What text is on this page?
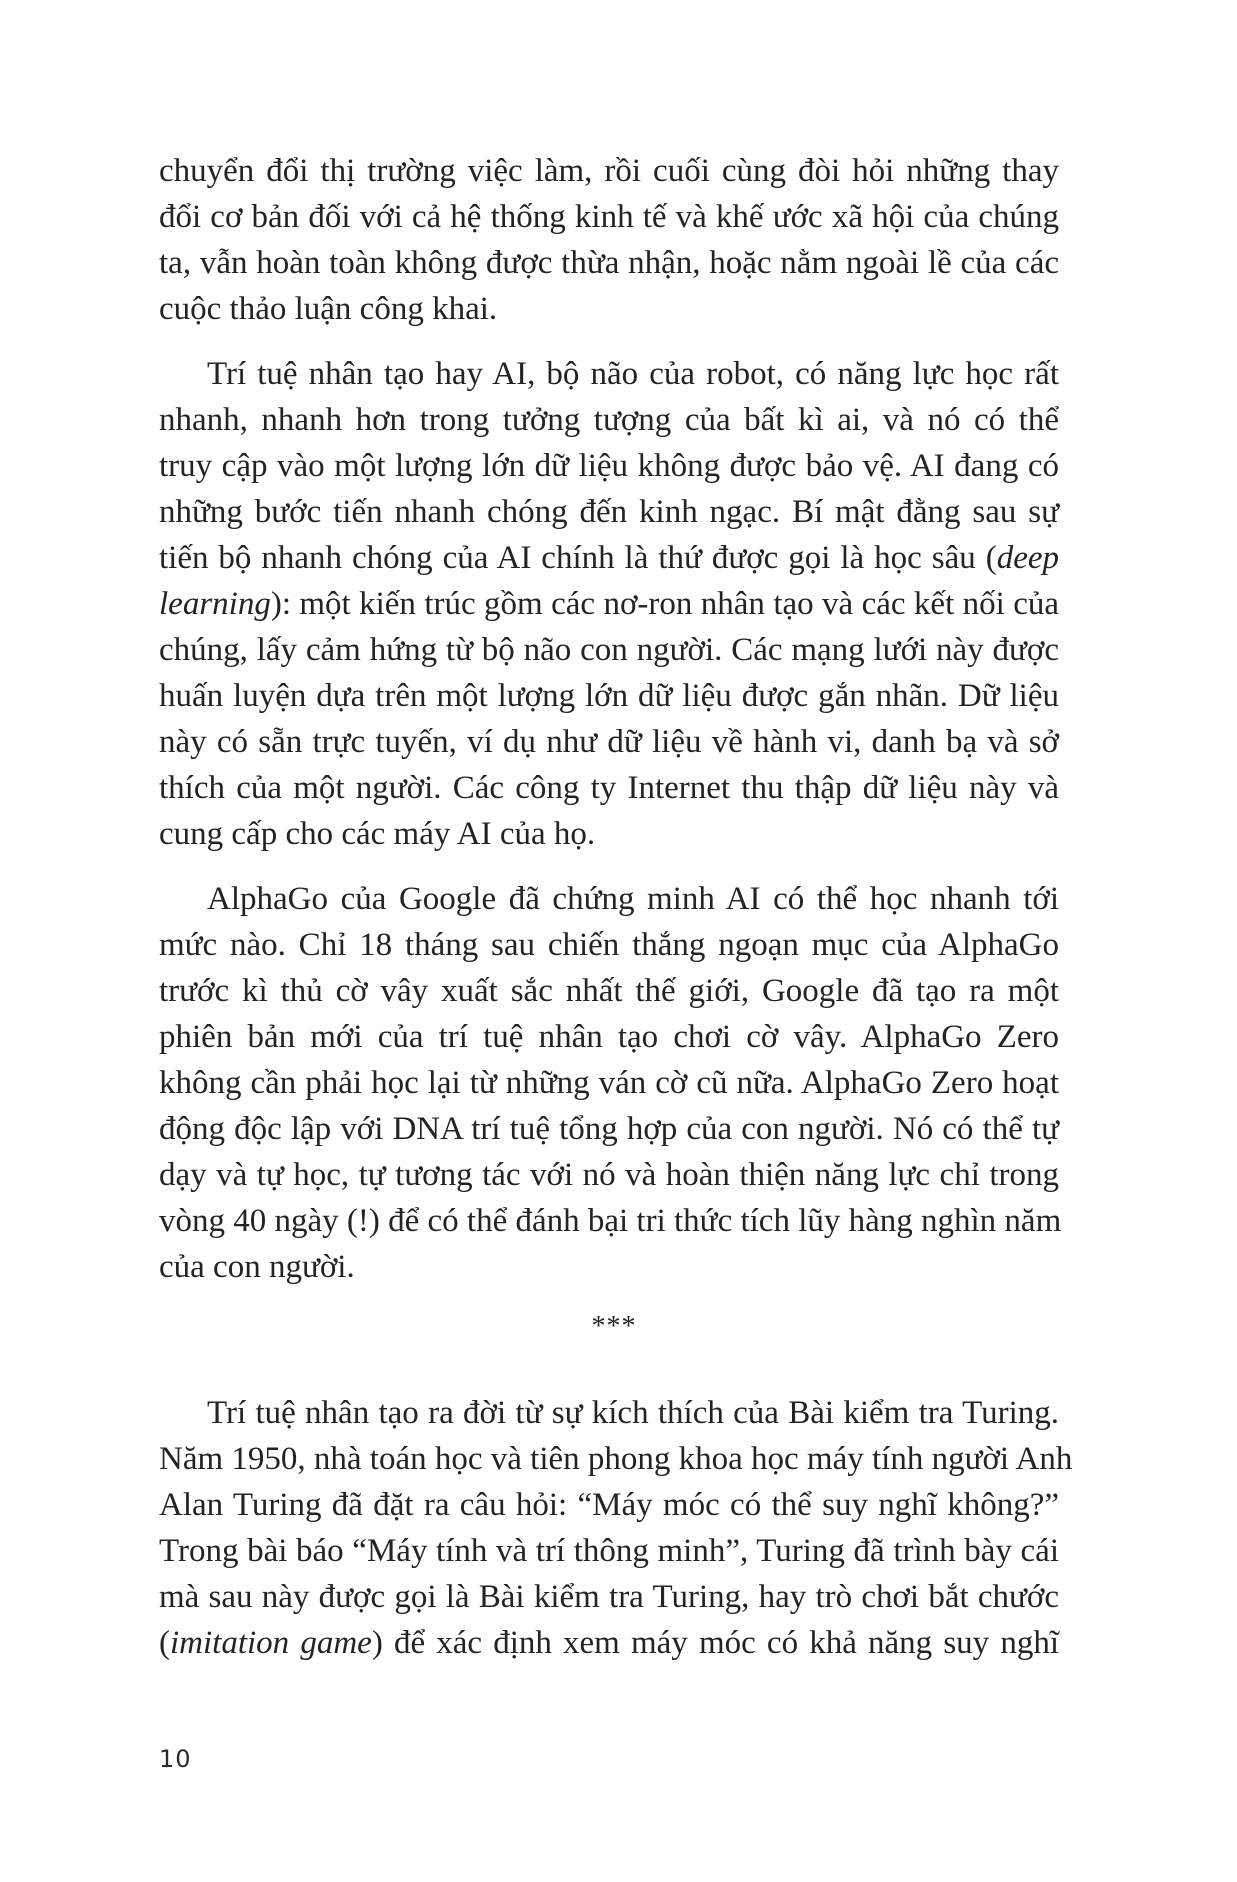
chuyển đổi thị trường việc làm, rồi cuối cùng đòi hỏi những thay
đổi cơ bản đối với cả hệ thống kinh tế và khế ước xã hội của chúng
ta, vẫn hoàn toàn không được thừa nhận, hoặc nằm ngoài lề của các
cuộc thảo luận công khai.
Trí tuệ nhân tạo hay AI, bộ não của robot, có năng lực học rất
nhanh, nhanh hơn trong tưởng tượng của bất kì ai, và nó có thể
truy cập vào một lượng lớn dữ liệu không được bảo vệ. AI đang có
những bước tiến nhanh chóng đến kinh ngạc. Bí mật đằng sau sự
tiến bộ nhanh chóng của AI chính là thứ được gọi là học sâu (deep
learning): một kiến trúc gồm các nơ-ron nhân tạo và các kết nối của
chúng, lấy cảm hứng từ bộ não con người. Các mạng lưới này được
huấn luyện dựa trên một lượng lớn dữ liệu được gắn nhãn. Dữ liệu
này có sẵn trực tuyến, ví dụ như dữ liệu về hành vi, danh bạ và sở
thích của một người. Các công ty Internet thu thập dữ liệu này và
cung cấp cho các máy AI của họ.
AlphaGo của Google đã chứng minh AI có thể học nhanh tới
mức nào. Chỉ 18 tháng sau chiến thắng ngoạn mục của AlphaGo
trước kì thủ cờ vây xuất sắc nhất thế giới, Google đã tạo ra một
phiên bản mới của trí tuệ nhân tạo chơi cờ vây. AlphaGo Zero
không cần phải học lại từ những ván cờ cũ nữa. AlphaGo Zero hoạt
động độc lập với DNA trí tuệ tổng hợp của con người. Nó có thể tự
dạy và tự học, tự tương tác với nó và hoàn thiện năng lực chỉ trong
vòng 40 ngày (!) để có thể đánh bại tri thức tích lũy hàng nghìn năm
của con người.
***
Trí tuệ nhân tạo ra đời từ sự kích thích của Bài kiểm tra Turing.
Năm 1950, nhà toán học và tiên phong khoa học máy tính người Anh
Alan Turing đã đặt ra câu hỏi: “Máy móc có thể suy nghĩ không?”
Trong bài báo “Máy tính và trí thông minh”, Turing đã trình bày cái
mà sau này được gọi là Bài kiểm tra Turing, hay trò chơi bắt chước
(imitation game) để xác định xem máy móc có khả năng suy nghĩ
10
